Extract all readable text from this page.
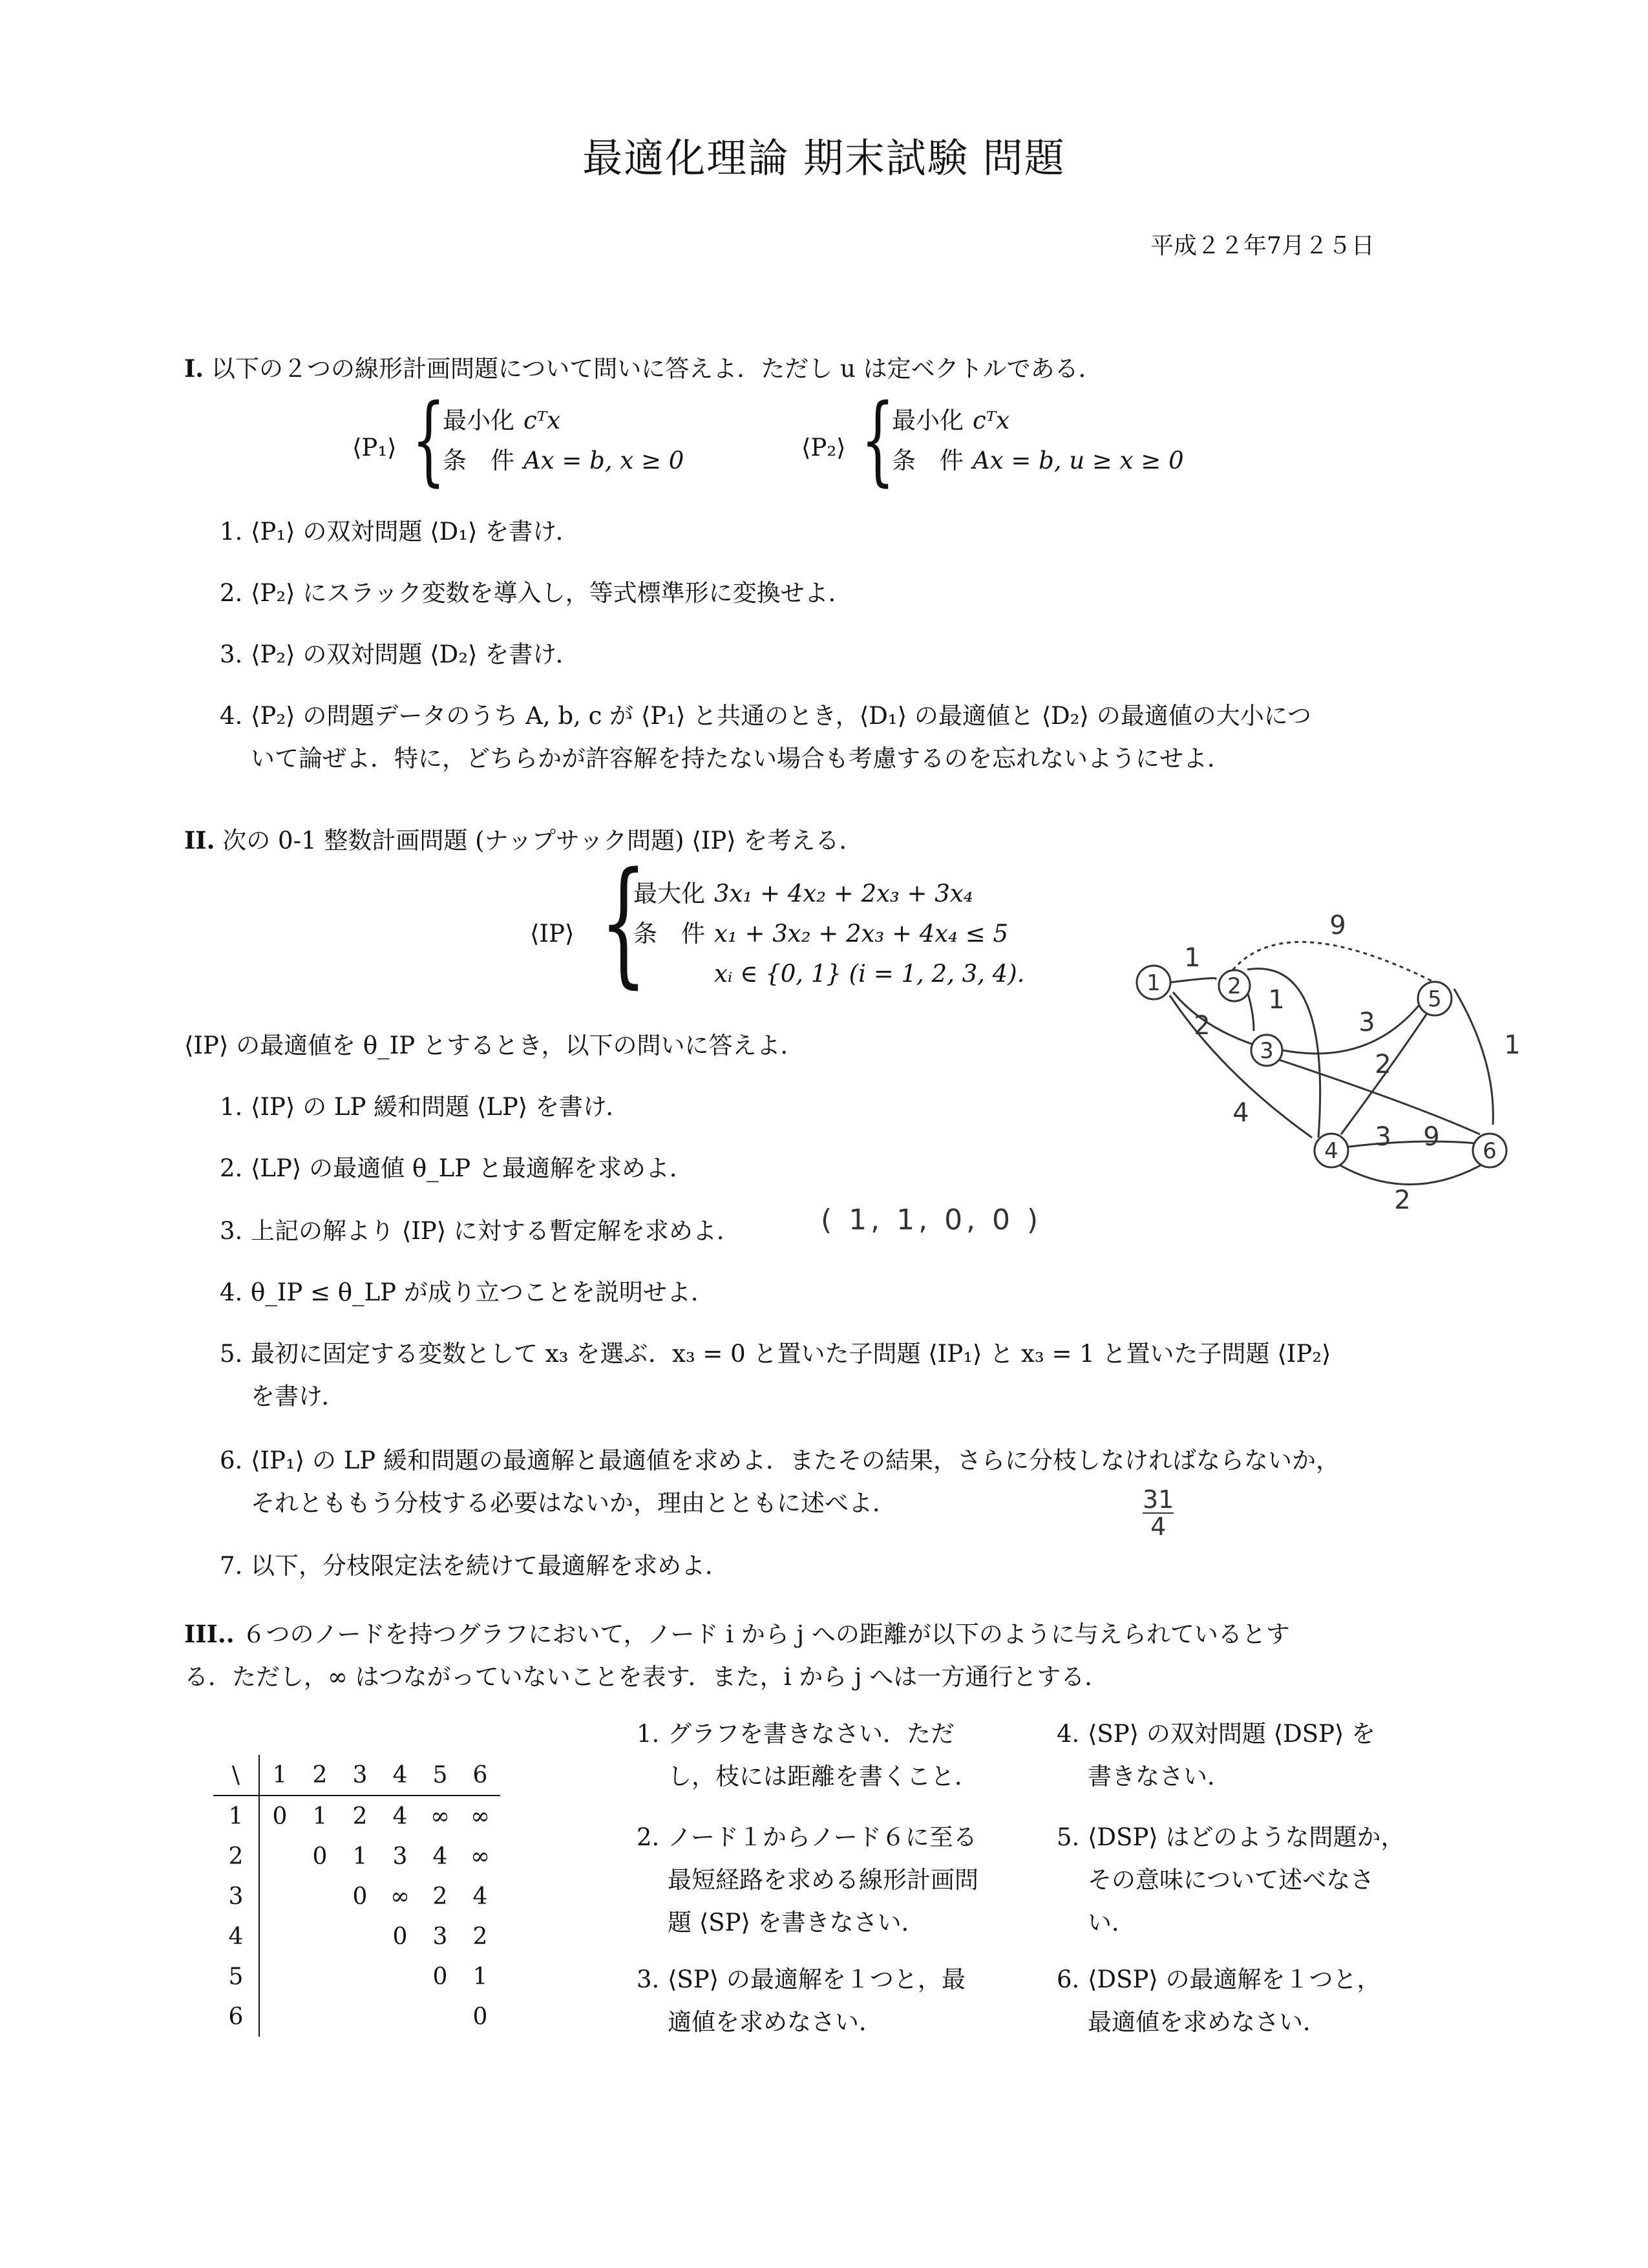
最適化理論 期末試験 問題
平成２２年7月２５日
I. 以下の２つの線形計画問題について問いに答えよ．ただし u は定ベクトルである．
⟨P₁⟩ {
最小化	cᵀx
条　件	Ax = b, x ≥ 0	⟨P₂⟩ {
最小化	cᵀx
条　件	Ax = b, u ≥ x ≥ 0
1. ⟨P₁⟩ の双対問題 ⟨D₁⟩ を書け．
2. ⟨P₂⟩ にスラック変数を導入し，等式標準形に変換せよ．
3. ⟨P₂⟩ の双対問題 ⟨D₂⟩ を書け．
4. ⟨P₂⟩ の問題データのうち A, b, c が ⟨P₁⟩ と共通のとき，⟨D₁⟩ の最適値と ⟨D₂⟩ の最適値の大小につ
いて論ぜよ．特に，どちらかが許容解を持たない場合も考慮するのを忘れないようにせよ．
II. 次の 0-1 整数計画問題 (ナップサック問題) ⟨IP⟩ を考える．
⟨IP⟩ {
最大化	3x₁ + 4x₂ + 2x₃ + 3x₄
条　件	x₁ + 3x₂ + 2x₃ + 4x₄ ≤ 5
	xᵢ ∈ {0, 1} (i = 1, 2, 3, 4).
⟨IP⟩ の最適値を θ_IP とするとき，以下の問いに答えよ．
1. ⟨IP⟩ の LP 緩和問題 ⟨LP⟩ を書け．
2. ⟨LP⟩ の最適値 θ_LP と最適解を求めよ．
3. 上記の解より ⟨IP⟩ に対する暫定解を求めよ．	( 1, 1, 0, 0 )
4. θ_IP ≤ θ_LP が成り立つことを説明せよ．
5. 最初に固定する変数として x₃ を選ぶ．x₃ = 0 と置いた子問題 ⟨IP₁⟩ と x₃ = 1 と置いた子問題 ⟨IP₂⟩
を書け．
6. ⟨IP₁⟩ の LP 緩和問題の最適解と最適値を求めよ．またその結果，さらに分枝しなければならないか，
それとももう分枝する必要はないか，理由とともに述べよ．	31
4
7. 以下，分枝限定法を続けて最適解を求めよ．
1	2
3
4
5
6
1
2
1
3
2
4
3 9
1
9
2
III.. ６つのノードを持つグラフにおいて，ノード i から j への距離が以下のように与えられているとす
る．ただし，∞ はつながっていないことを表す．また，i から j へは一方通行とする．
\	1	2	3	4	5	6
1	0	1	2	4	∞	∞
2		0	1	3	4	∞
3			0	∞	2	4
4				0	3	2
5					0	1
6						0
1. グラフを書きなさい．ただ
し，枝には距離を書くこと．
2. ノード１からノード６に至る
最短経路を求める線形計画問
題 ⟨SP⟩ を書きなさい．
3. ⟨SP⟩ の最適解を１つと，最
適値を求めなさい．
4. ⟨SP⟩ の双対問題 ⟨DSP⟩ を
書きなさい．
5. ⟨DSP⟩ はどのような問題か，
その意味について述べなさ
い．
6. ⟨DSP⟩ の最適解を１つと，
最適値を求めなさい．
